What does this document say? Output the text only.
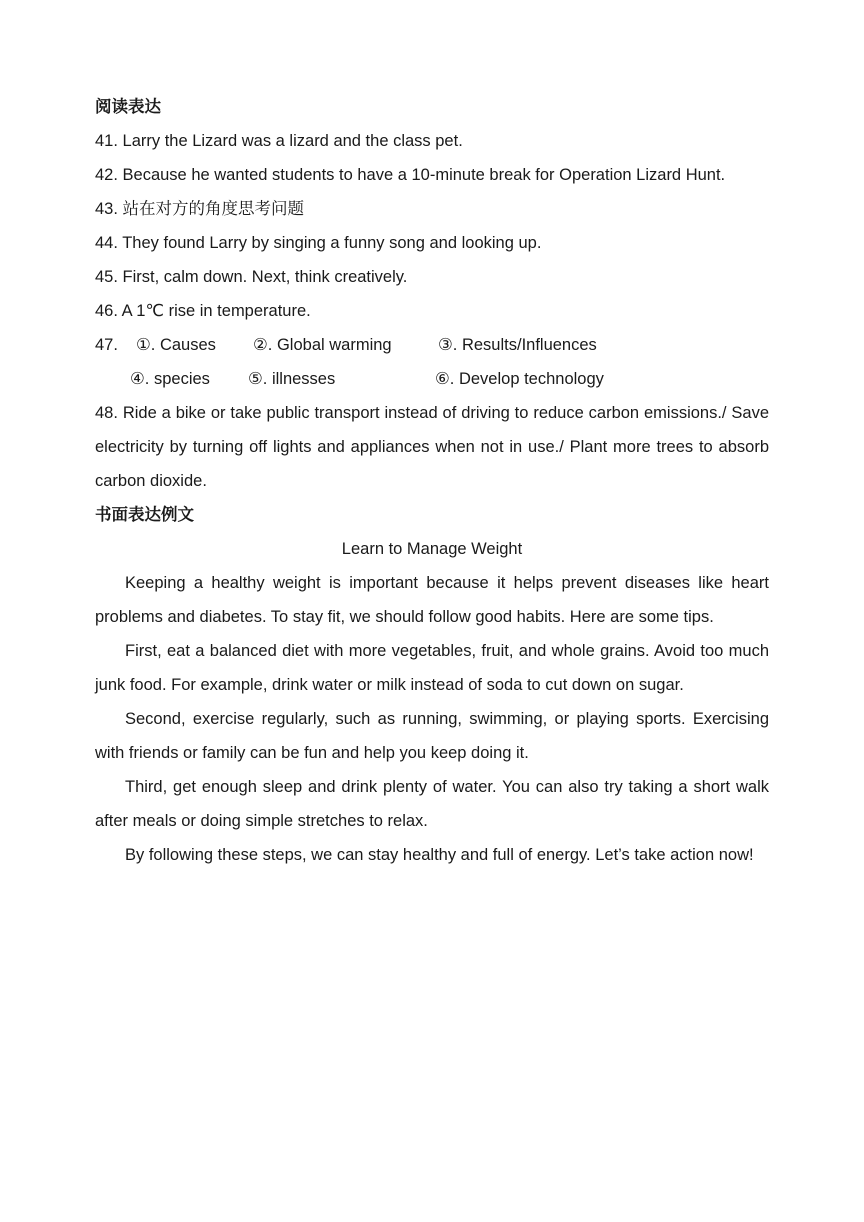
阅读表达

41. Larry the Lizard was a lizard and the class pet.

42. Because he wanted students to have a 10-minute break for Operation Lizard Hunt.

43. 站在对方的角度思考问题

44. They found Larry by singing a funny song and looking up.

45. First, calm down. Next, think creatively.

46. A 1℃ rise in temperature.

47. ①. Causes ②. Global warming	③. Results/Influences
④. species ⑤. illnesses	⑥. Develop technology

48. Ride a bike or take public transport instead of driving to reduce carbon emissions./ Save electricity by turning off lights and appliances when not in use./ Plant more trees to absorb carbon dioxide.

书面表达例文

Learn to Manage Weight

Keeping a healthy weight is important because it helps prevent diseases like heart problems and diabetes. To stay fit, we should follow good habits. Here are some tips.

First, eat a balanced diet with more vegetables, fruit, and whole grains. Avoid too much junk food. For example, drink water or milk instead of soda to cut down on sugar.

Second, exercise regularly, such as running, swimming, or playing sports. Exercising with friends or family can be fun and help you keep doing it.

Third, get enough sleep and drink plenty of water. You can also try taking a short walk after meals or doing simple stretches to relax.

By following these steps, we can stay healthy and full of energy. Let’s take action now!
